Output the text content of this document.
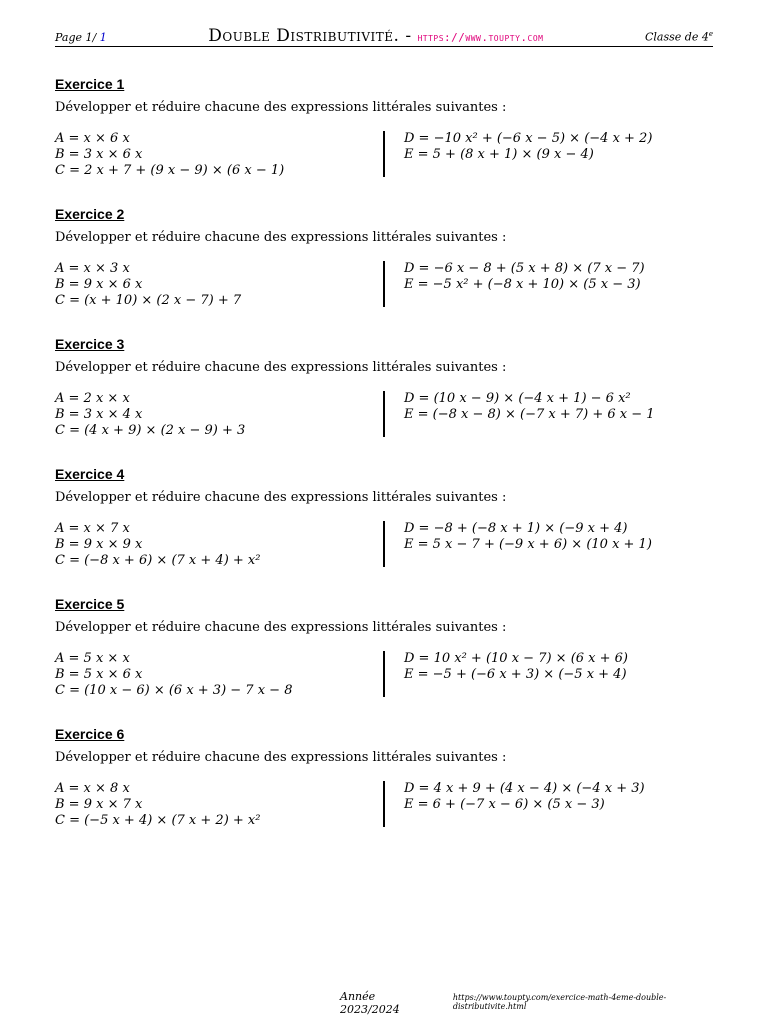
Page 1/ 1	Double Distributivité. - https://www.toupty.com	Classe de 4e
Exercice 1
Développer et réduire chacune des expressions littérales suivantes :
A = x × 6 x
B = 3 x × 6 x
C = 2 x + 7 + (9 x − 9) × (6 x − 1)
D = −10 x² + (−6 x − 5) × (−4 x + 2)
E = 5 + (8 x + 1) × (9 x − 4)
Exercice 2
Développer et réduire chacune des expressions littérales suivantes :
A = x × 3 x
B = 9 x × 6 x
C = (x + 10) × (2 x − 7) + 7
D = −6 x − 8 + (5 x + 8) × (7 x − 7)
E = −5 x² + (−8 x + 10) × (5 x − 3)
Exercice 3
Développer et réduire chacune des expressions littérales suivantes :
A = 2 x × x
B = 3 x × 4 x
C = (4 x + 9) × (2 x − 9) + 3
D = (10 x − 9) × (−4 x + 1) − 6 x²
E = (−8 x − 8) × (−7 x + 7) + 6 x − 1
Exercice 4
Développer et réduire chacune des expressions littérales suivantes :
A = x × 7 x
B = 9 x × 9 x
C = (−8 x + 6) × (7 x + 4) + x²
D = −8 + (−8 x + 1) × (−9 x + 4)
E = 5 x − 7 + (−9 x + 6) × (10 x + 1)
Exercice 5
Développer et réduire chacune des expressions littérales suivantes :
A = 5 x × x
B = 5 x × 6 x
C = (10 x − 6) × (6 x + 3) − 7 x − 8
D = 10 x² + (10 x − 7) × (6 x + 6)
E = −5 + (−6 x + 3) × (−5 x + 4)
Exercice 6
Développer et réduire chacune des expressions littérales suivantes :
A = x × 8 x
B = 9 x × 7 x
C = (−5 x + 4) × (7 x + 2) + x²
D = 4 x + 9 + (4 x − 4) × (−4 x + 3)
E = 6 + (−7 x − 6) × (5 x − 3)
Année 2023/2024
https://www.toupty.com/exercice-math-4eme-double-distributivite.html
